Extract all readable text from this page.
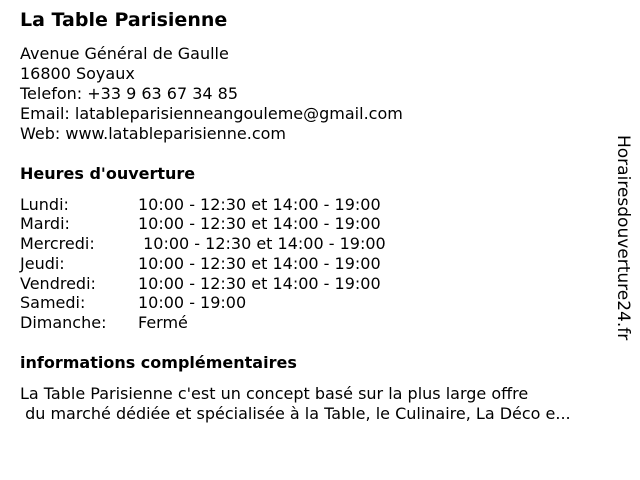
La Table Parisienne
Avenue Général de Gaulle
16800 Soyaux
Telefon: +33 9 63 67 34 85
Email: latableparisienneangouleme@gmail.com
Web: www.latableparisienne.com
Heures d'ouverture
Lundi:	10:00 - 12:30 et 14:00 - 19:00
Mardi:	10:00 - 12:30 et 14:00 - 19:00
Mercredi:	10:00 - 12:30 et 14:00 - 19:00
Jeudi:	10:00 - 12:30 et 14:00 - 19:00
Vendredi:	10:00 - 12:30 et 14:00 - 19:00
Samedi:	10:00 - 19:00
Dimanche: Fermé
informations complémentaires
La Table Parisienne c'est un concept basé sur la plus large offre
du marché dédiée et spécialisée à la Table, le Culinaire, La Déco e...
Horairesdouverture24.fr
